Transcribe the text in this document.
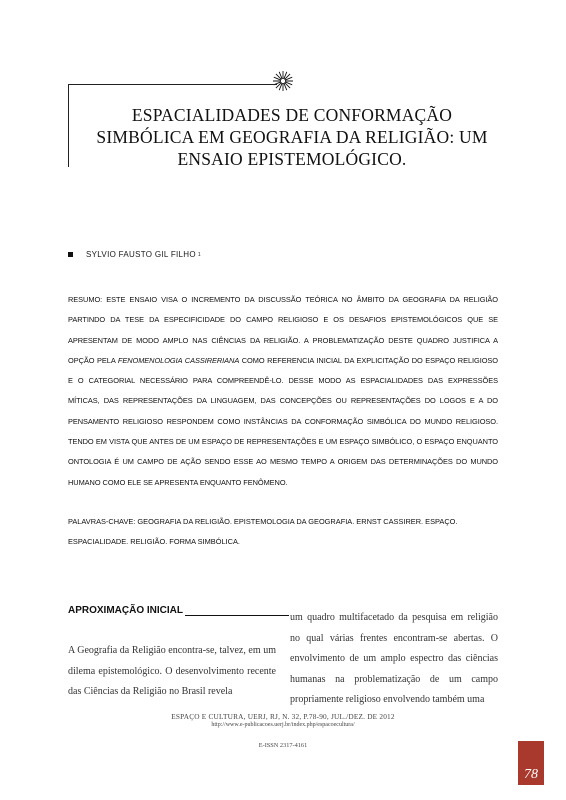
ESPACIALIDADES DE CONFORMAÇÃO SIMBÓLICA EM GEOGRAFIA DA RELIGIÃO: UM ENSAIO EPISTEMOLÓGICO.
SYLVIO FAUSTO GIL FILHO 1
RESUMO: ESTE ENSAIO VISA O INCREMENTO DA DISCUSSÃO TEÓRICA NO ÂMBITO DA GEOGRAFIA DA RELIGIÃO PARTINDO DA TESE DA ESPECIFICIDADE DO CAMPO RELIGIOSO E OS DESAFIOS EPISTEMOLÓGICOS QUE SE APRESENTAM DE MODO AMPLO NAS CIÊNCIAS DA RELIGIÃO. A PROBLEMATIZAÇÃO DESTE QUADRO JUSTIFICA A OPÇÃO PELA FENOMENOLOGIA CASSIRERIANA COMO REFERENCIA INICIAL DA EXPLICITAÇÃO DO ESPAÇO RELIGIOSO E O CATEGORIAL NECESSÁRIO PARA COMPREENDÊ-LO. DESSE MODO AS ESPACIALIDADES DAS EXPRESSÕES MÍTICAS, DAS REPRESENTAÇÕES DA LINGUAGEM, DAS CONCEPÇÕES OU REPRESENTAÇÕES DO LOGOS E A DO PENSAMENTO RELIGIOSO RESPONDEM COMO INSTÂNCIAS DA CONFORMAÇÃO SIMBÓLICA DO MUNDO RELIGIOSO. TENDO EM VISTA QUE ANTES DE UM ESPAÇO DE REPRESENTAÇÕES E UM ESPAÇO SIMBÓLICO, O ESPAÇO ENQUANTO ONTOLOGIA É UM CAMPO DE AÇÃO SENDO ESSE AO MESMO TEMPO A ORIGEM DAS DETERMINAÇÕES DO MUNDO HUMANO COMO ELE SE APRESENTA ENQUANTO FENÔMENO.
PALAVRAS-CHAVE: GEOGRAFIA DA RELIGIÃO. EPISTEMOLOGIA DA GEOGRAFIA. ERNST CASSIRER. ESPAÇO. ESPACIALIDADE. RELIGIÃO. FORMA SIMBÓLICA.
APROXIMAÇÃO INICIAL
A Geografia da Religião encontra-se, talvez, em um dilema epistemológico. O desenvolvimento recente das Ciências da Religião no Brasil revela
um quadro multifacetado da pesquisa em religião no qual várias frentes encontram-se abertas. O envolvimento de um amplo espectro das ciências humanas na problematização de um campo propriamente religioso envolvendo também uma
ESPAÇO E CULTURA, UERJ, RJ, N. 32, P.78-90, JUL./DEZ. DE 2012
http://www.e-publicacoes.uerj.br/index.php/espacoecultura/
E-ISSN 2317-4161
78
